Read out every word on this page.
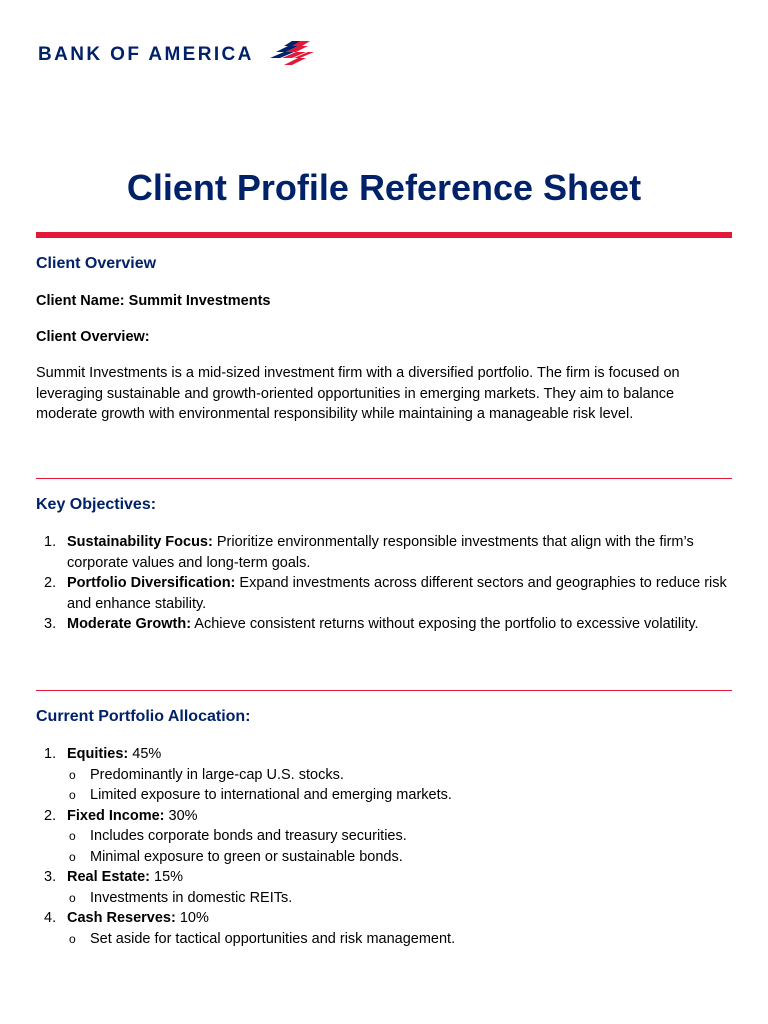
BANK OF AMERICA
Client Profile Reference Sheet
Client Overview

Client Name: Summit Investments

Client Overview:

Summit Investments is a mid-sized investment firm with a diversified portfolio. The firm is focused on leveraging sustainable and growth-oriented opportunities in emerging markets. They aim to balance moderate growth with environmental responsibility while maintaining a manageable risk level.

Key Objectives:
1. Sustainability Focus: Prioritize environmentally responsible investments that align with the firm’s corporate values and long-term goals.
2. Portfolio Diversification: Expand investments across different sectors and geographies to reduce risk and enhance stability.
3. Moderate Growth: Achieve consistent returns without exposing the portfolio to excessive volatility.
Current Portfolio Allocation:
1. Equities: 45%
o Predominantly in large-cap U.S. stocks.
o Limited exposure to international and emerging markets.
2. Fixed Income: 30%
o Includes corporate bonds and treasury securities.
o Minimal exposure to green or sustainable bonds.
3. Real Estate: 15%
o Investments in domestic REITs.
4. Cash Reserves: 10%
o Set aside for tactical opportunities and risk management.
